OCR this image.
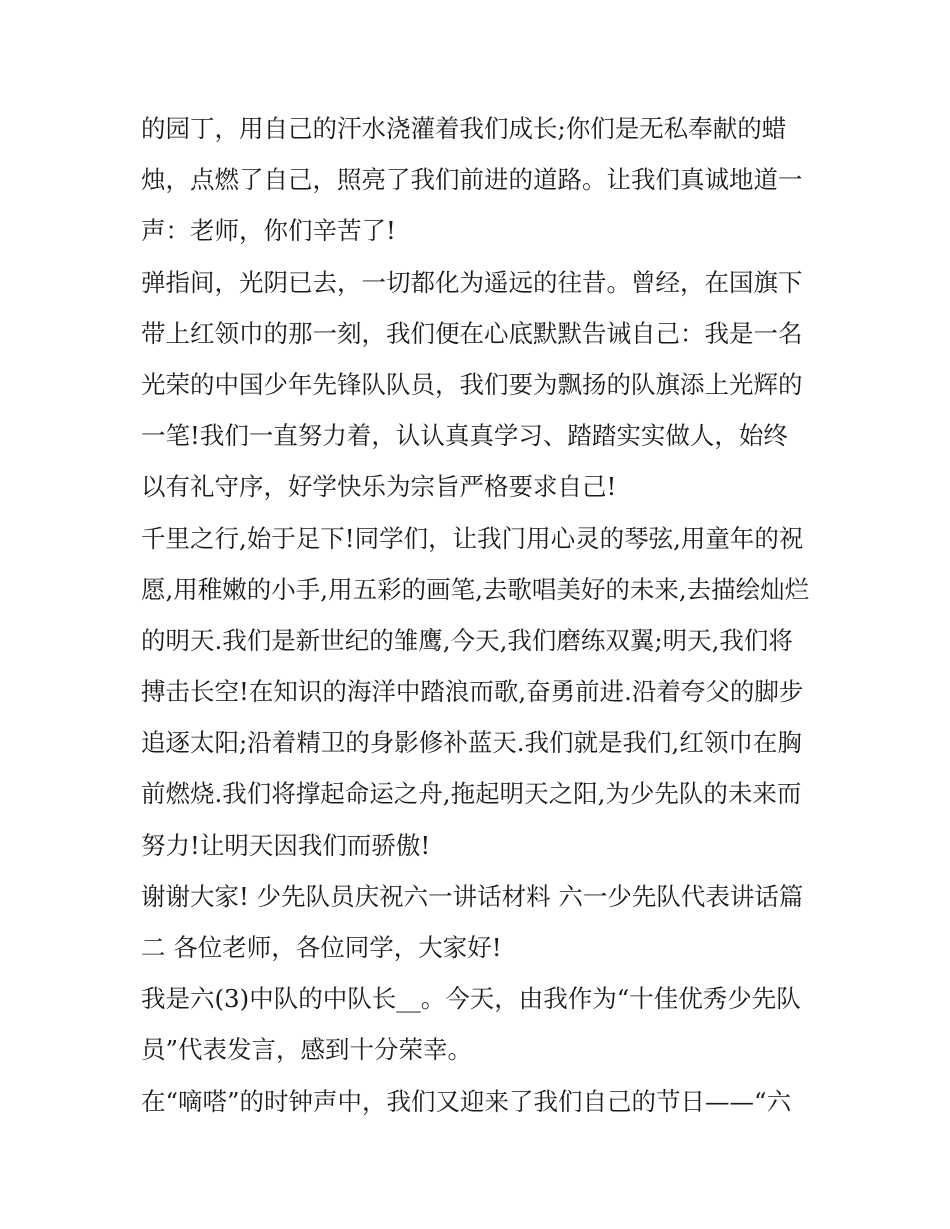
的园丁，用自己的汗水浇灌着我们成长;你们是无私奉献的蜡
烛，点燃了自己，照亮了我们前进的道路。让我们真诚地道一
声：老师，你们辛苦了!
弹指间，光阴已去，一切都化为遥远的往昔。曾经，在国旗下
带上红领巾的那一刻，我们便在心底默默告诫自己：我是一名
光荣的中国少年先锋队队员，我们要为飘扬的队旗添上光辉的
一笔!我们一直努力着，认认真真学习、踏踏实实做人，始终
以有礼守序，好学快乐为宗旨严格要求自己!
千里之行,始于足下!同学们，让我门用心灵的琴弦,用童年的祝
愿,用稚嫩的小手,用五彩的画笔,去歌唱美好的未来,去描绘灿烂
的明天.我们是新世纪的雏鹰,今天,我们磨练双翼;明天,我们将
搏击长空!在知识的海洋中踏浪而歌,奋勇前进.沿着夸父的脚步
追逐太阳;沿着精卫的身影修补蓝天.我们就是我们,红领巾在胸
前燃烧.我们将撑起命运之舟,拖起明天之阳,为少先队的未来而
努力!让明天因我们而骄傲!
谢谢大家! 少先队员庆祝六一讲话材料 六一少先队代表讲话篇
二 各位老师，各位同学，大家好!
我是六(3)中队的中队长__。今天，由我作为“十佳优秀少先队
员”代表发言，感到十分荣幸。
在“嘀嗒”的时钟声中，我们又迎来了我们自己的节日——“六
